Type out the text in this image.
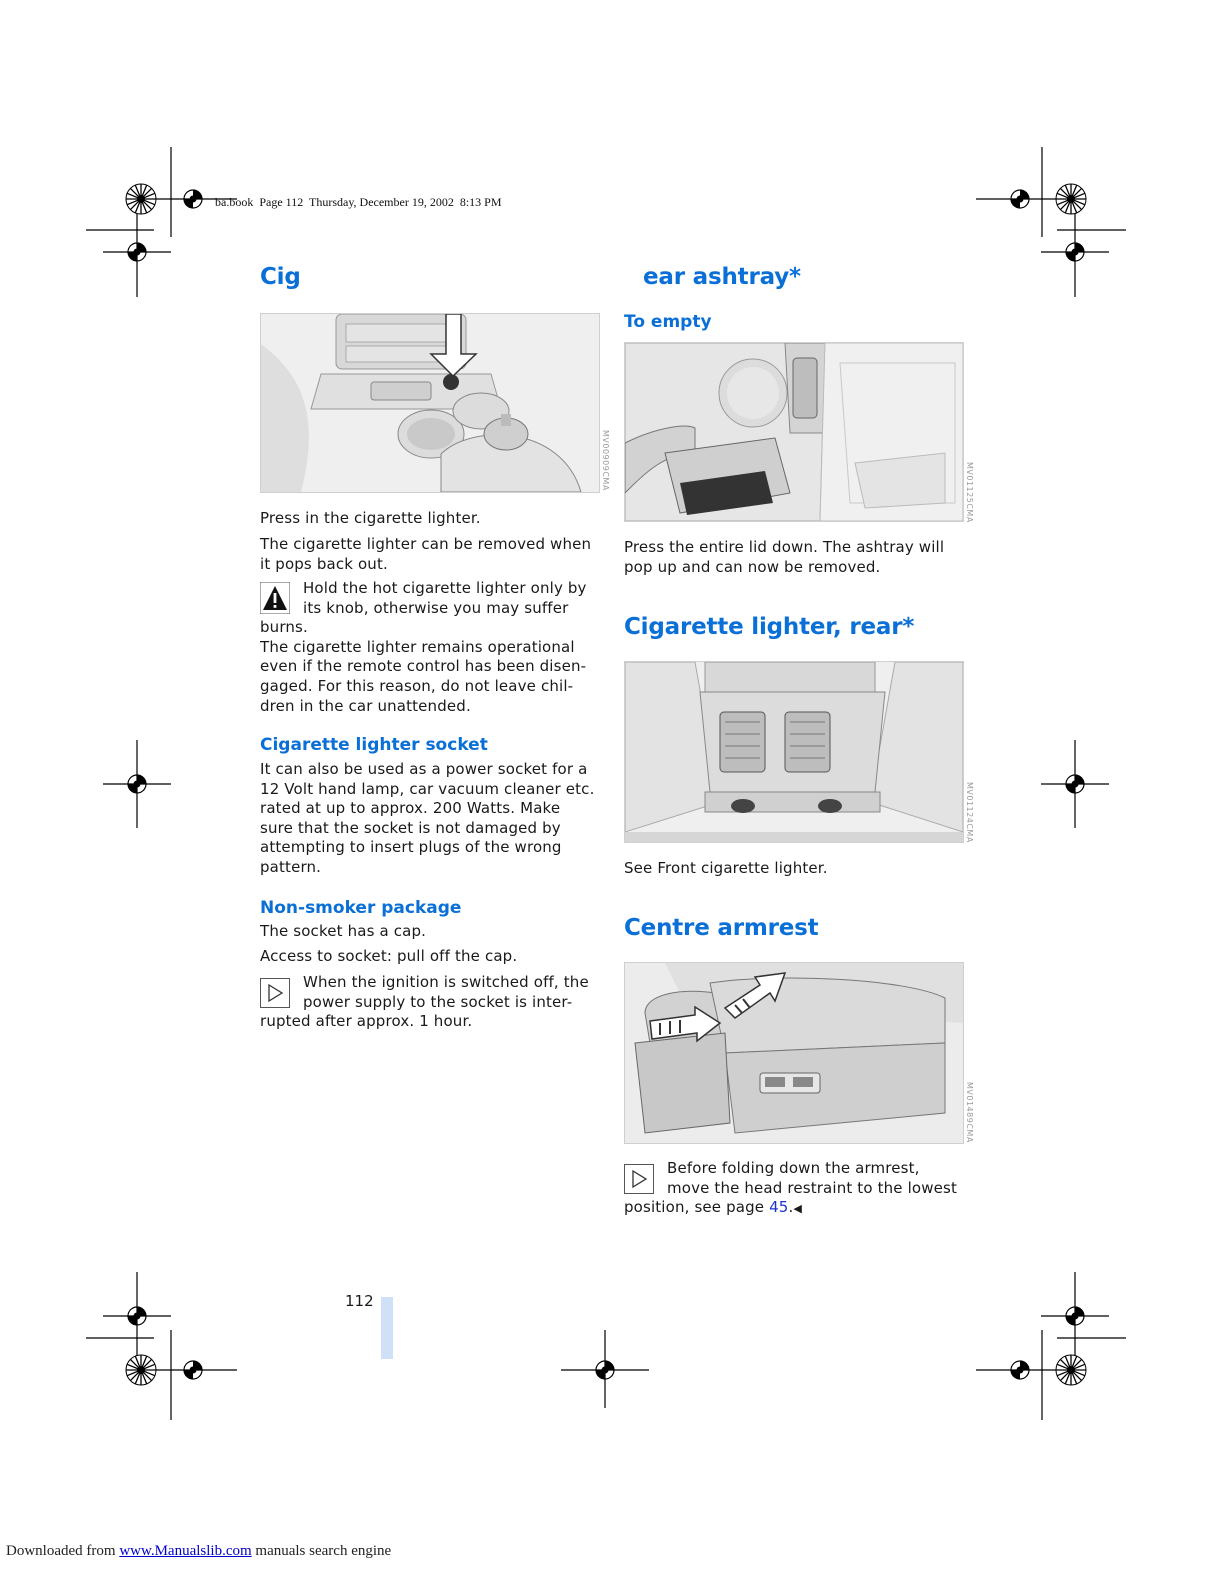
ba.book  Page 112  Thursday, December 19, 2002  8:13 PM
Cig	ear ashtray*
MV00909CMA
Press in the cigarette lighter.
The cigarette lighter can be removed when
it pops back out.
Hold the hot cigarette lighter only by
its knob, otherwise you may suffer
burns.
The cigarette lighter remains operational
even if the remote control has been disen-
gaged. For this reason, do not leave chil-
dren in the car unattended.
Cigarette lighter socket
It can also be used as a power socket for a
12 Volt hand lamp, car vacuum cleaner etc.
rated at up to approx. 200 Watts. Make
sure that the socket is not damaged by
attempting to insert plugs of the wrong
pattern.
Non-smoker package
The socket has a cap.
Access to socket: pull off the cap.
When the ignition is switched off, the
power supply to the socket is inter-
rupted after approx. 1 hour.
To empty
MV01125CMA
Press the entire lid down. The ashtray will
pop up and can now be removed.
Cigarette lighter, rear*
MV01124CMA
See Front cigarette lighter.
Centre armrest
MV01489CMA
Before folding down the armrest,
move the head restraint to the lowest
position, see page 45.◀
112
Downloaded from www.Manualslib.com manuals search engine
